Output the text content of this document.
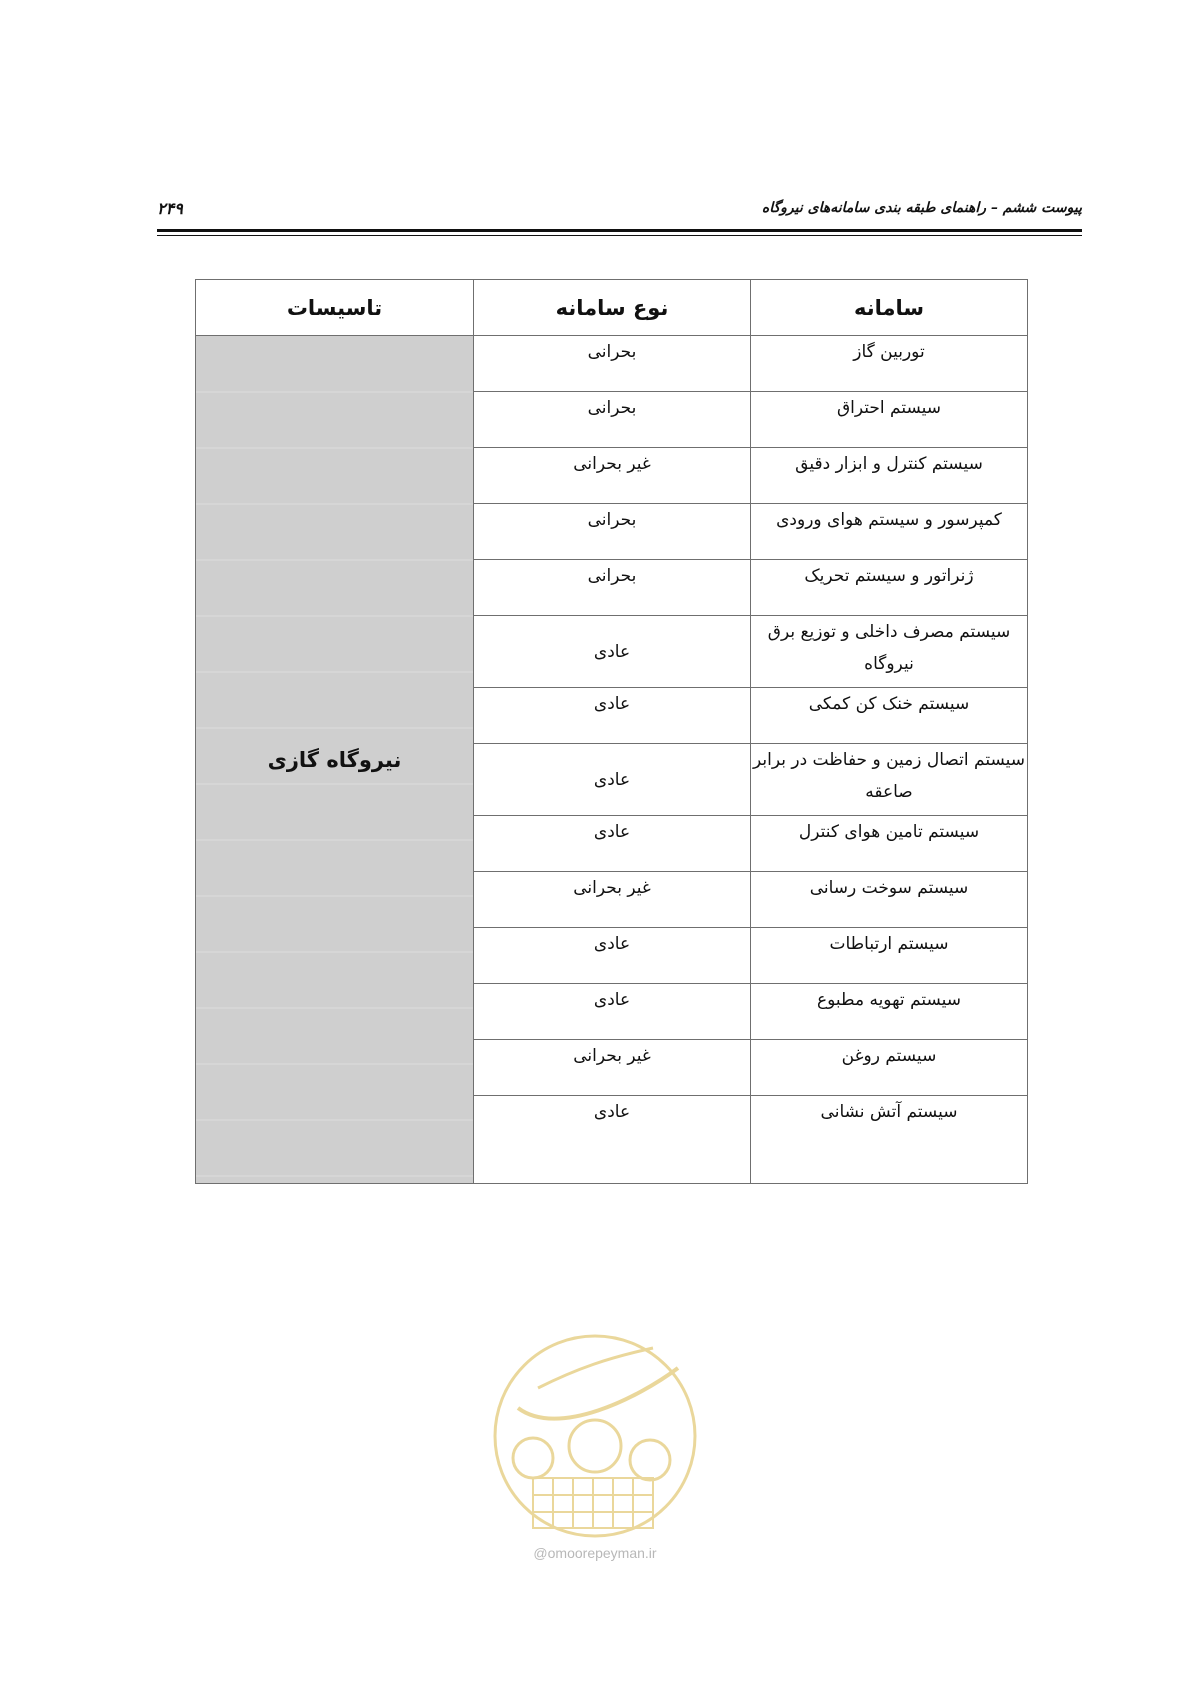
۲۴۹	پیوست ششم – راهنمای طبقه بندی سامانه‌های نیروگاه
سامانه	نوع سامانه	تاسیسات
توربین گاز	بحرانی	نیروگاه گازی
سیستم احتراق	بحرانی	
سیستم کنترل و ابزار دقیق	غیر بحرانی	
کمپرسور و سیستم هوای ورودی	بحرانی	
ژنراتور و سیستم تحریک	بحرانی	
سیستم مصرف داخلی و توزیع برق نیروگاه	عادی	
سیستم خنک کن کمکی	عادی	
سیستم اتصال زمین و حفاظت در برابر صاعقه	عادی	
سیستم تامین هوای کنترل	عادی	
سیستم سوخت رسانی	غیر بحرانی	
سیستم ارتباطات	عادی	
سیستم تهویه مطبوع	عادی	
سیستم روغن	غیر بحرانی	
سیستم آتش نشانی	عادی	
@omoorepeyman.ir
